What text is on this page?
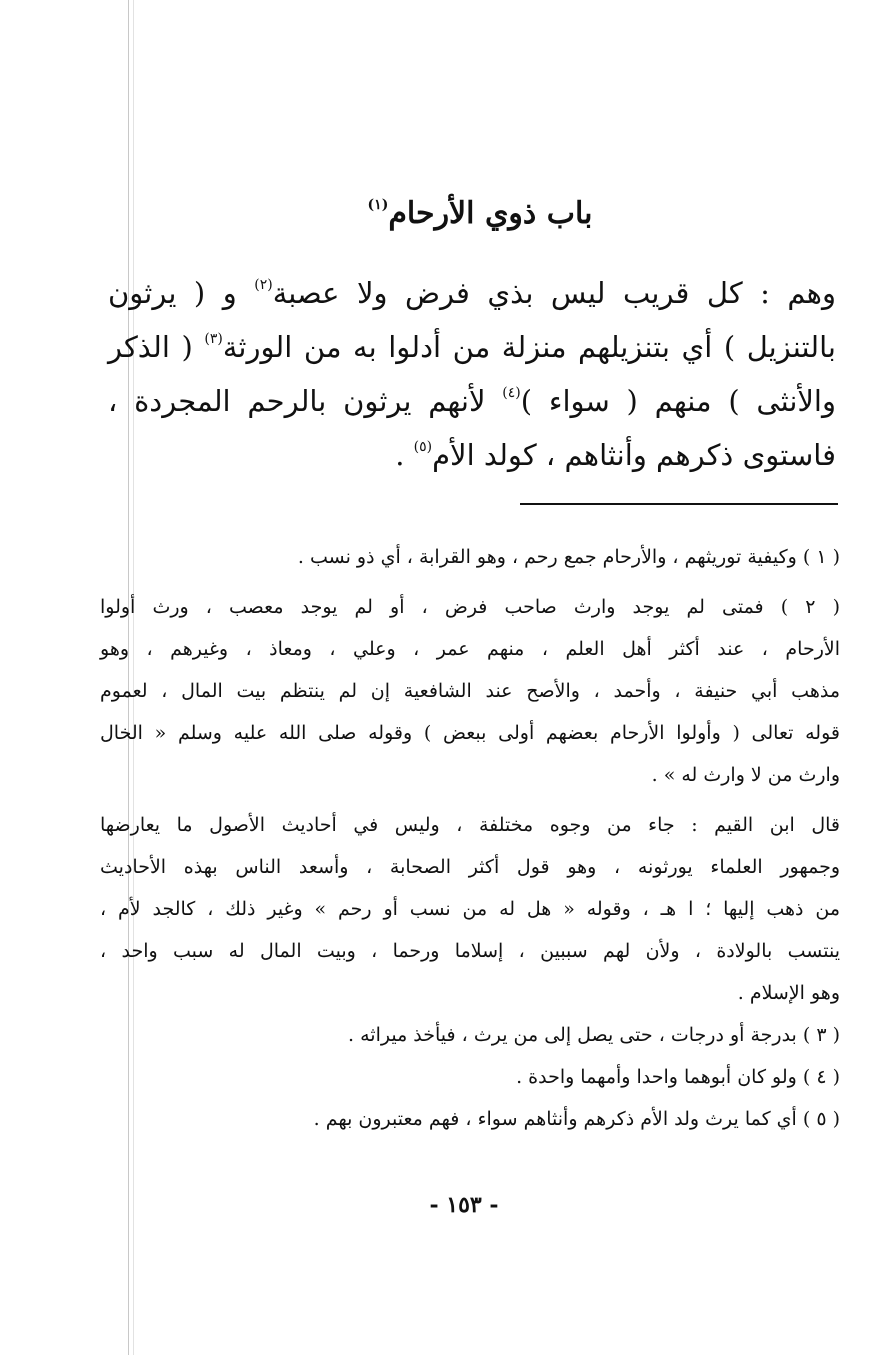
باب ذوي الأرحام$^{(١)}$
وهم : كل قريب ليس بذي فرض ولا عصبة$^{(٢)}$ و ( يرثون
بالتنزيل ) أي بتنزيلهم منزلة من أدلوا به من الورثة$^{(٣)}$ ( الذكر
والأنثى ) منهم ( سواء )$^{(٤)}$ لأنهم يرثون بالرحم المجردة ،
فاستوى ذكرهم وأنثاهم ، كولد الأم$^{(٥)}$ .
( ١ ) وكيفية توريثهم ، والأرحام جمع رحم ، وهو القرابة ، أي ذو نسب .
( ٢ ) فمتى لم يوجد وارث صاحب فرض ، أو لم يوجد معصب ، ورث أولوا
الأرحام ، عند أكثر أهل العلم ، منهم عمر ، وعلي ، ومعاذ ، وغيرهم ، وهو
مذهب أبي حنيفة ، وأحمد ، والأصح عند الشافعية إن لم ينتظم بيت المال ، لعموم
قوله تعالى ( وأولوا الأرحام بعضهم أولى ببعض ) وقوله صلى الله عليه وسلم « الخال
وارث من لا وارث له » .
قال ابن القيم : جاء من وجوه مختلفة ، وليس في أحاديث الأصول ما يعارضها
وجمهور العلماء يورثونه ، وهو قول أكثر الصحابة ، وأسعد الناس بهذه الأحاديث
من ذهب إليها ؛ ا هـ ، وقوله « هل له من نسب أو رحم » وغير ذلك ، كالجد لأم ،
ينتسب بالولادة ، ولأن لهم سببين ، إسلاما ورحما ، وبيت المال له سبب واحد ،
وهو الإسلام .
( ٣ ) بدرجة أو درجات ، حتى يصل إلى من يرث ، فيأخذ ميراثه .
( ٤ ) ولو كان أبوهما واحدا وأمهما واحدة .
( ٥ ) أي كما يرث ولد الأم ذكرهم وأنثاهم سواء ، فهم معتبرون بهم .
- ١٥٣ -
